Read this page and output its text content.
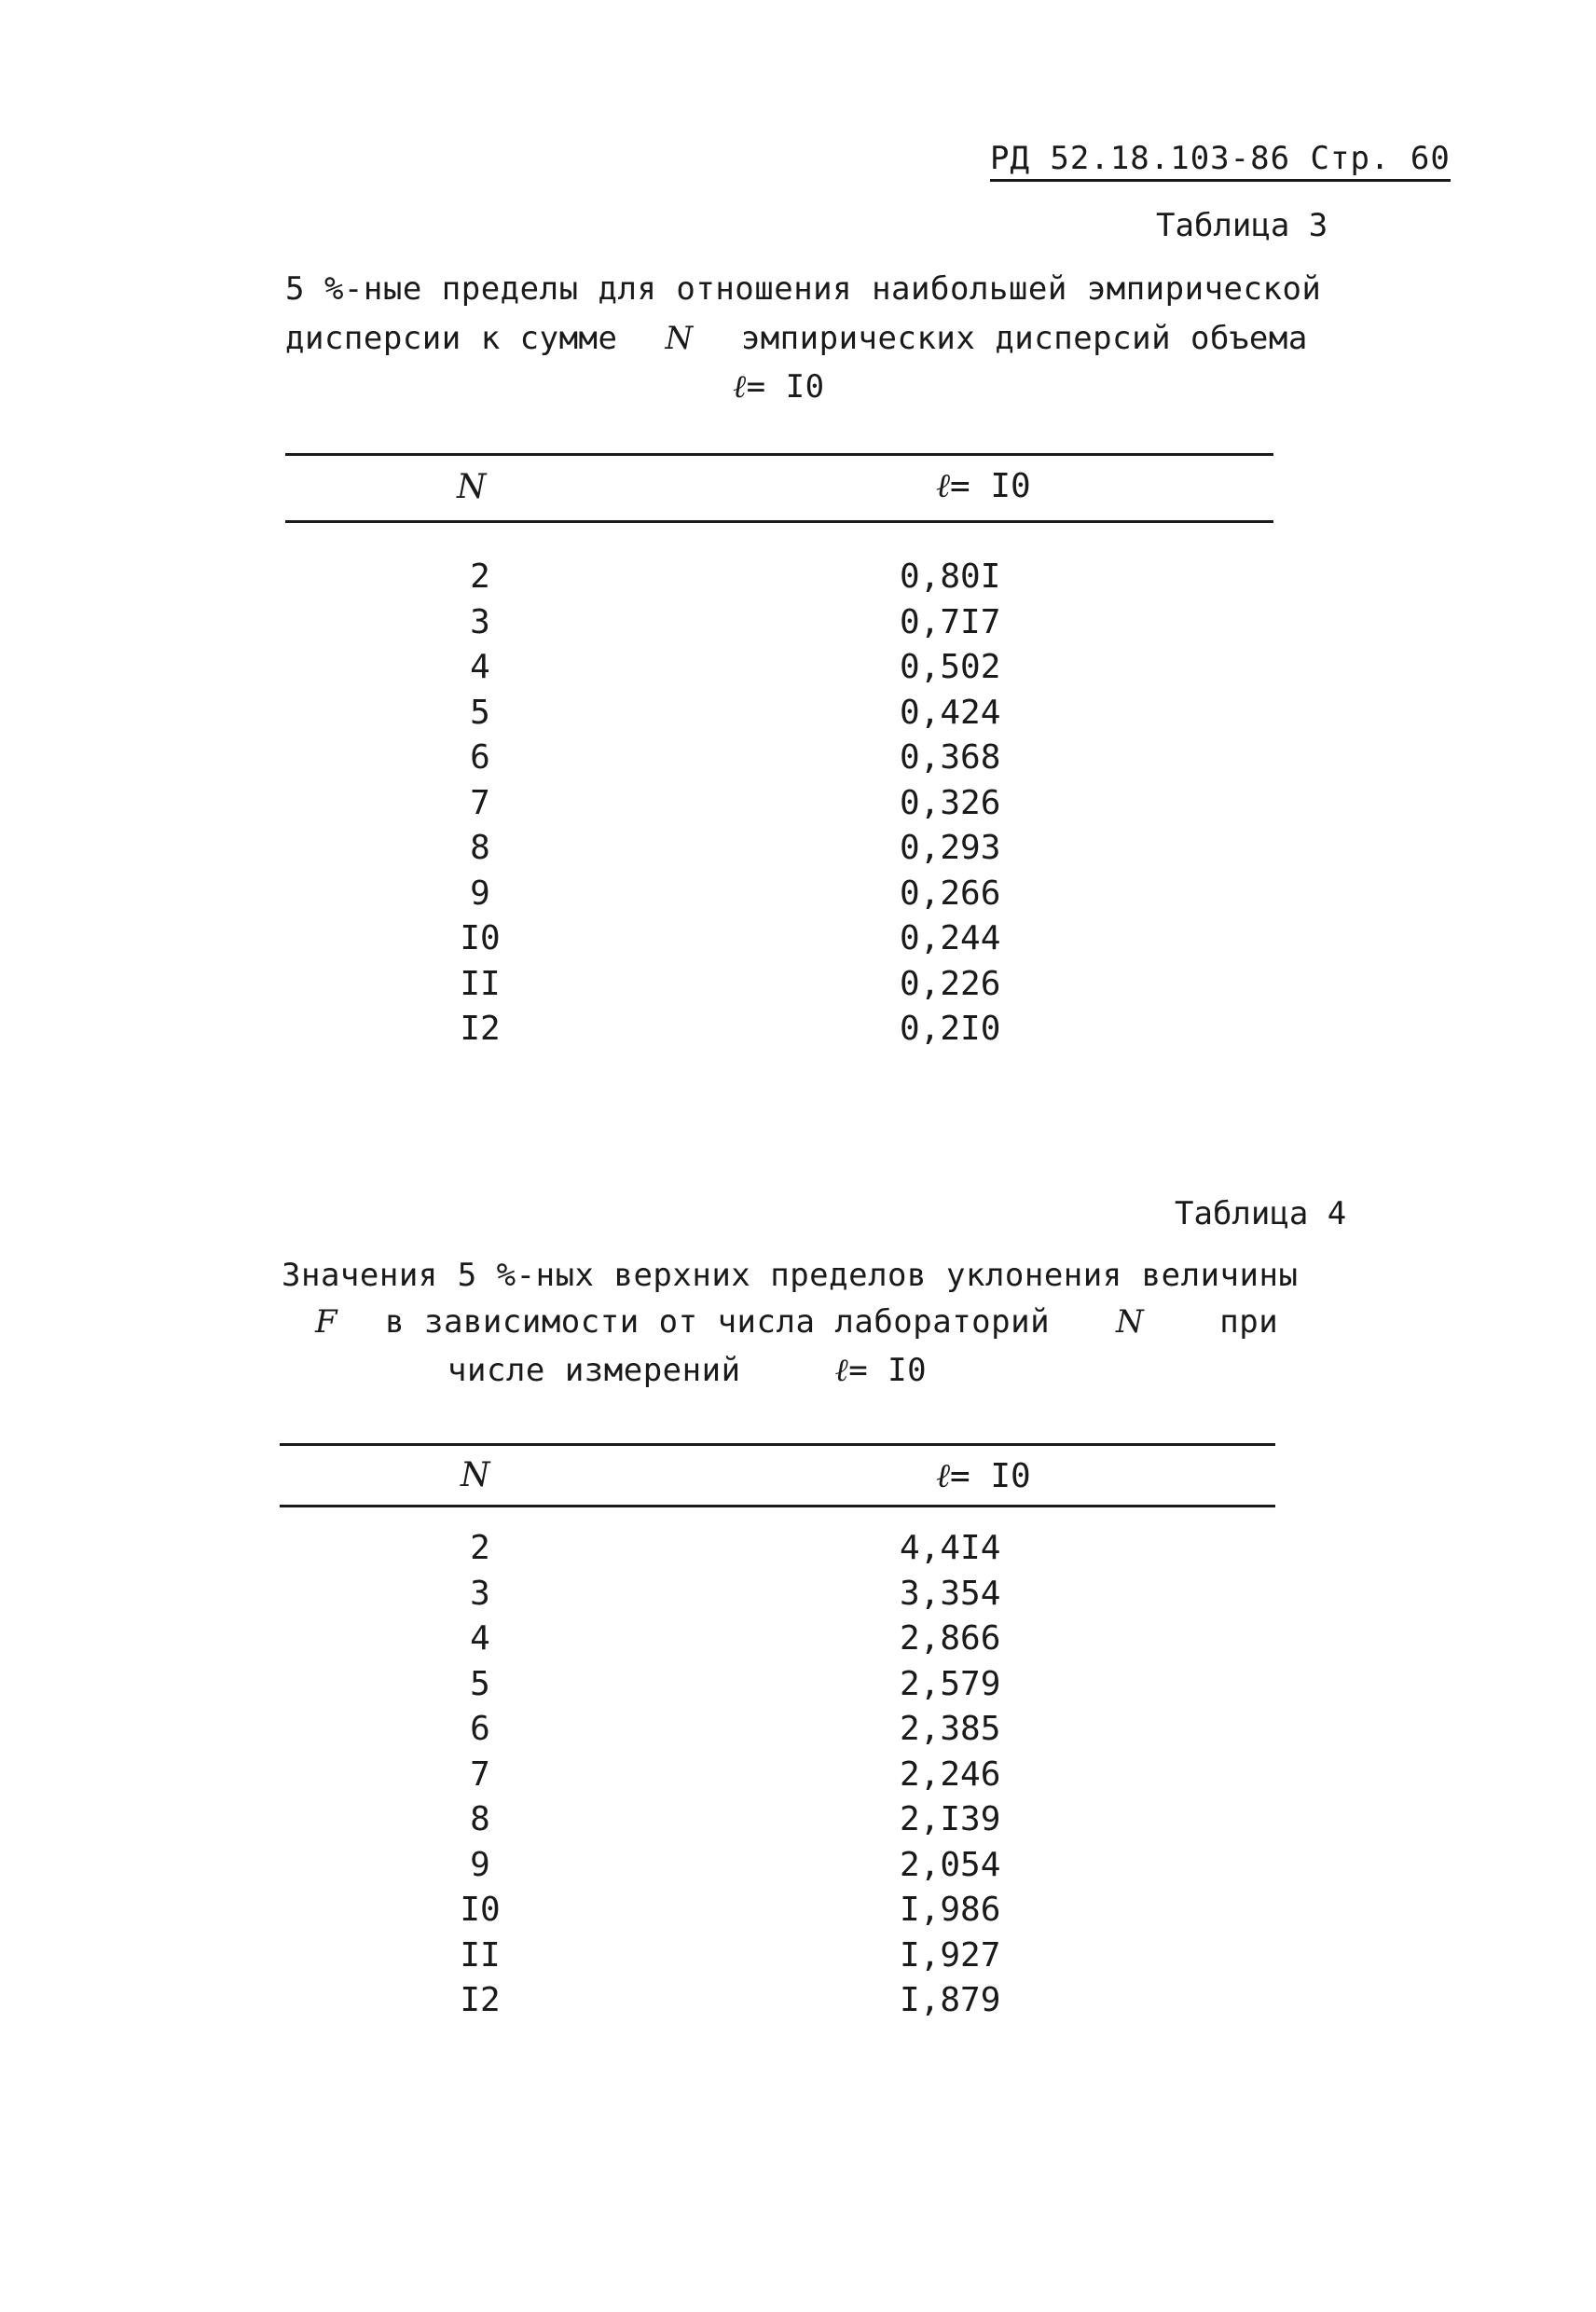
РД 52.18.103-86 Стр. 60
Таблица 3
5 %-ные пределы для отношения наибольшей эмпирической
дисперсии к сумме N эмпирических дисперсий объема
ℓ= I0
N	ℓ= I0
2	0,80I
3	0,7I7
4	0,502
5	0,424
6	0,368
7	0,326
8	0,293
9	0,266
I0	0,244
II	0,226
I2	0,2I0
Таблица 4
Значения 5 %-ных верхних пределов уклонения величины
F в зависимости от числа лабораторий N при
числе измерений	ℓ= I0
N	ℓ= I0
2	4,4I4
3	3,354
4	2,866
5	2,579
6	2,385
7	2,246
8	2,I39
9	2,054
I0	I,986
II	I,927
I2	I,879
